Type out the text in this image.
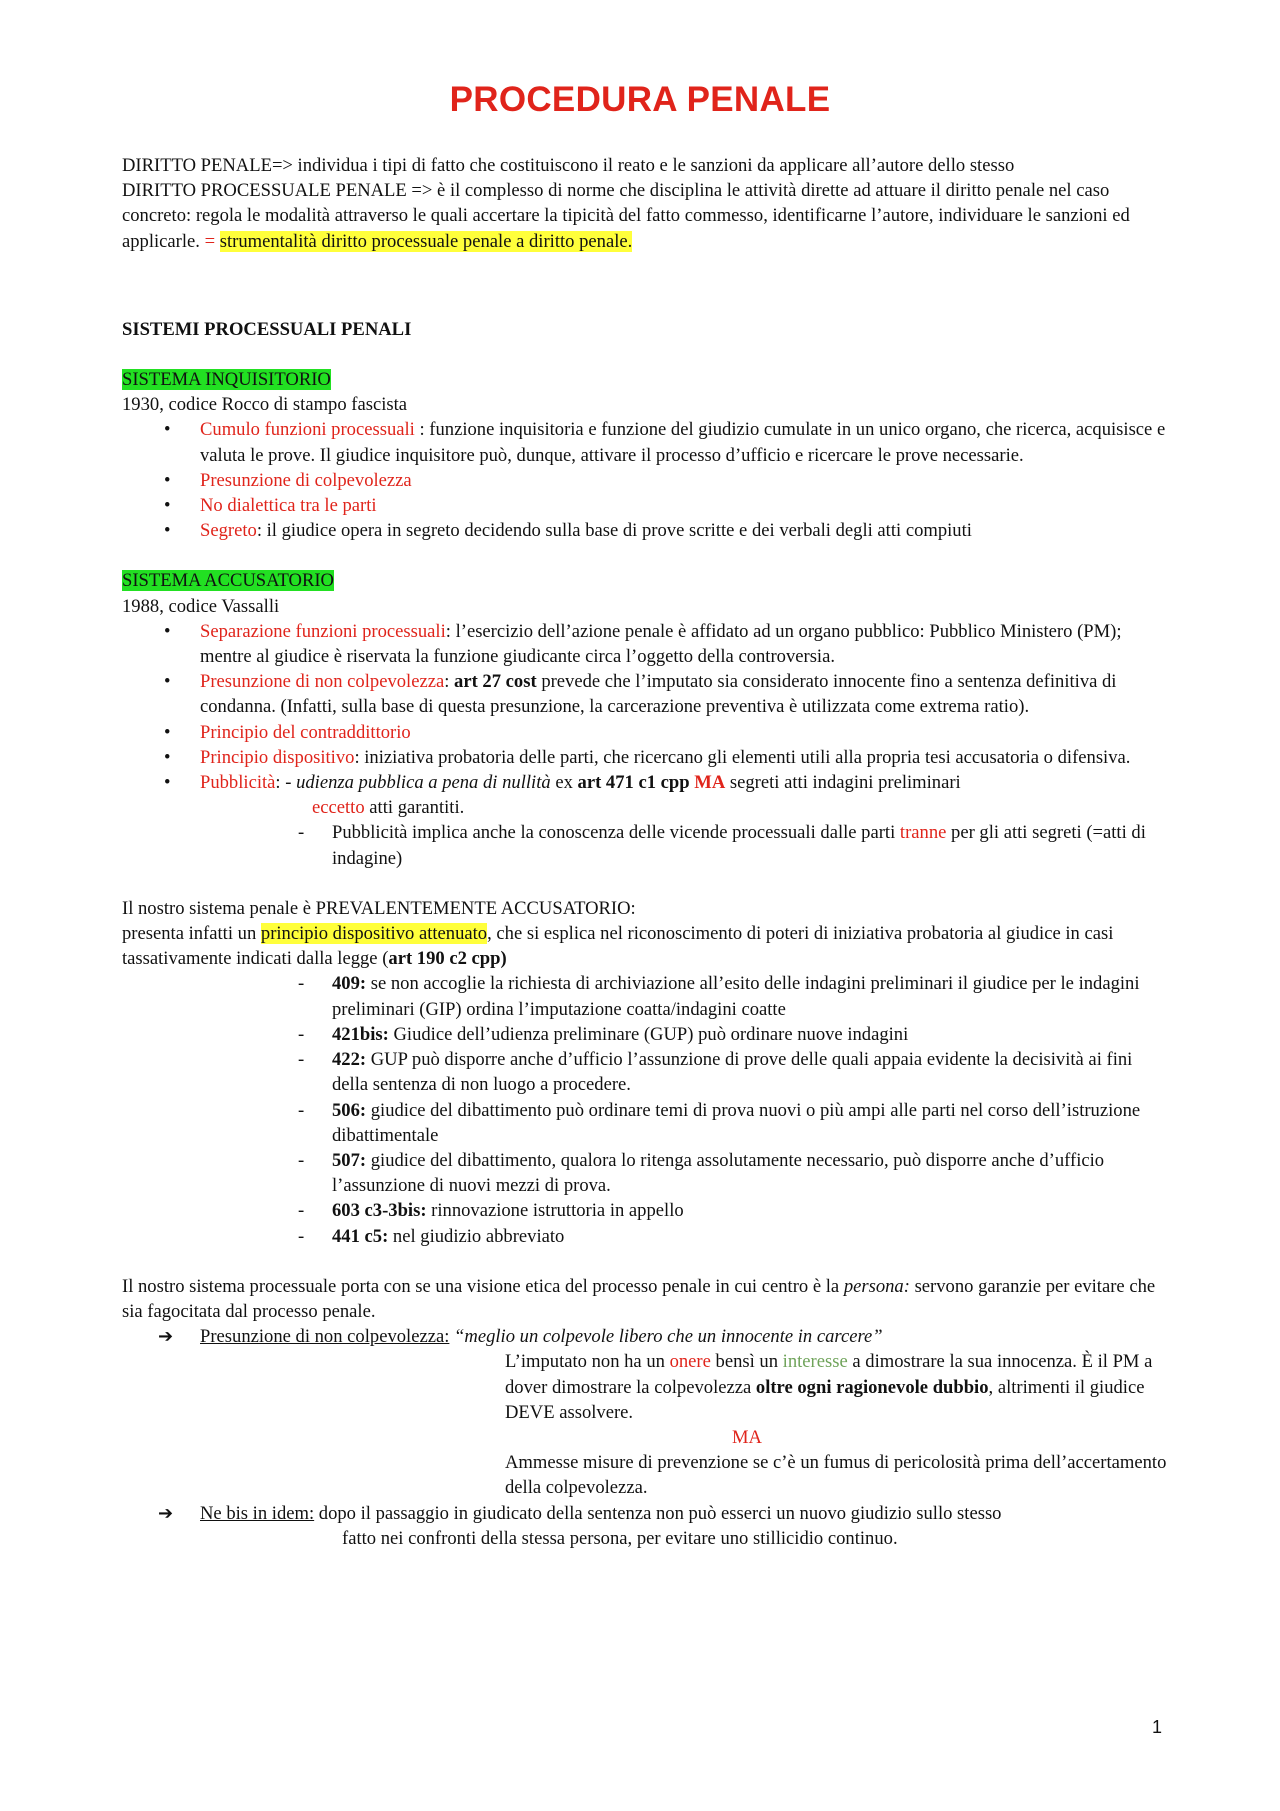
PROCEDURA PENALE

DIRITTO PENALE=> individua i tipi di fatto che costituiscono il reato e le sanzioni da applicare all’autore dello stesso
DIRITTO PROCESSUALE PENALE => è il complesso di norme che disciplina le attività dirette ad attuare il diritto penale nel caso concreto: regola le modalità attraverso le quali accertare la tipicità del fatto commesso, identificarne l’autore, individuare le sanzioni ed applicarle. = strumentalità diritto processuale penale a diritto penale.

SISTEMI PROCESSUALI PENALI

SISTEMA INQUISITORIO

1930, codice Rocco di stampo fascista

• Cumulo funzioni processuali : funzione inquisitoria e funzione del giudizio cumulate in un unico organo, che ricerca, acquisisce e valuta le prove. Il giudice inquisitore può, dunque, attivare il processo d’ufficio e ricercare le prove necessarie.
• Presunzione di colpevolezza
• No dialettica tra le parti
• Segreto: il giudice opera in segreto decidendo sulla base di prove scritte e dei verbali degli atti compiuti

SISTEMA ACCUSATORIO

1988, codice Vassalli

• Separazione funzioni processuali: l’esercizio dell’azione penale è affidato ad un organo pubblico: Pubblico Ministero (PM); mentre al giudice è riservata la funzione giudicante circa l’oggetto della controversia.
• Presunzione di non colpevolezza: art 27 cost prevede che l’imputato sia considerato innocente fino a sentenza definitiva di condanna. (Infatti, sulla base di questa presunzione, la carcerazione preventiva è utilizzata come extrema ratio).
• Principio del contraddittorio
• Principio dispositivo: iniziativa probatoria delle parti, che ricercano gli elementi utili alla propria tesi accusatoria o difensiva.
• Pubblicità: - udienza pubblica a pena di nullità ex art 471 c1 cpp MA segreti atti indagini preliminari

eccetto atti garantiti.

- Pubblicità implica anche la conoscenza delle vicende processuali dalle parti tranne per gli atti segreti (=atti di indagine)

Il nostro sistema penale è PREVALENTEMENTE ACCUSATORIO:

presenta infatti un principio dispositivo attenuato, che si esplica nel riconoscimento di poteri di iniziativa probatoria al giudice in casi tassativamente indicati dalla legge (art 190 c2 cpp)

- 409: se non accoglie la richiesta di archiviazione all’esito delle indagini preliminari il giudice per le indagini preliminari (GIP) ordina l’imputazione coatta/indagini coatte

- 421bis: Giudice dell’udienza preliminare (GUP) può ordinare nuove indagini

- 422: GUP può disporre anche d’ufficio l’assunzione di prove delle quali appaia evidente la decisività ai fini della sentenza di non luogo a procedere.

- 506: giudice del dibattimento può ordinare temi di prova nuovi o più ampi alle parti nel corso dell’istruzione dibattimentale

- 507: giudice del dibattimento, qualora lo ritenga assolutamente necessario, può disporre anche d’ufficio l’assunzione di nuovi mezzi di prova.

- 603 c3-3bis: rinnovazione istruttoria in appello

- 441 c5: nel giudizio abbreviato

Il nostro sistema processuale porta con se una visione etica del processo penale in cui centro è la persona: servono garanzie per evitare che sia fagocitata dal processo penale.

➔ Presunzione di non colpevolezza: “meglio un colpevole libero che un innocente in carcere”

L’imputato non ha un onere bensì un interesse a dimostrare la sua innocenza. È il PM a dover dimostrare la colpevolezza oltre ogni ragionevole dubbio, altrimenti il giudice DEVE assolvere.

MA

Ammesse misure di prevenzione se c’è un fumus di pericolosità prima dell’accertamento della colpevolezza.

➔ Ne bis in idem: dopo il passaggio in giudicato della sentenza non può esserci un nuovo giudizio sullo stesso

fatto nei confronti della stessa persona, per evitare uno stillicidio continuo.

1
